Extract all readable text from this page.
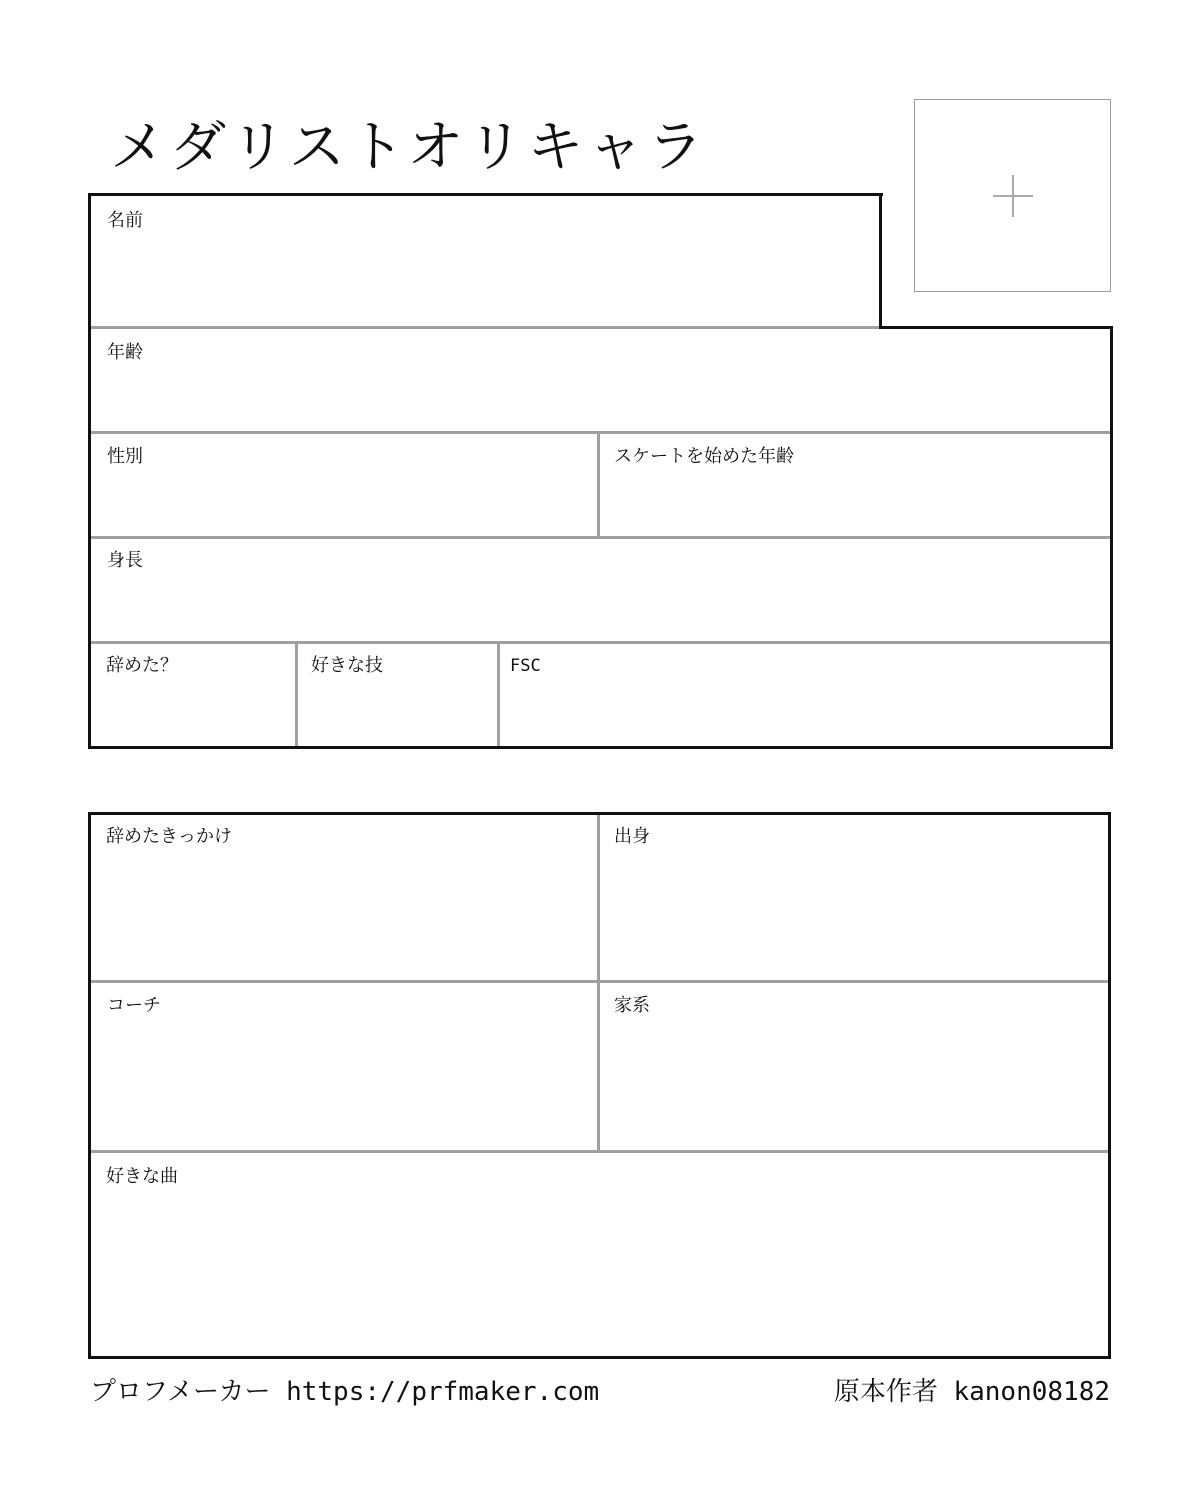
メダリストオリキャラ
名前
年齢
性別	スケートを始めた年齢
身長
辞めた？	好きな技	FSC
辞めたきっかけ	出身
コーチ	家系
好きな曲
プロフメーカー https://prfmaker.com	原本作者 kanon08182
